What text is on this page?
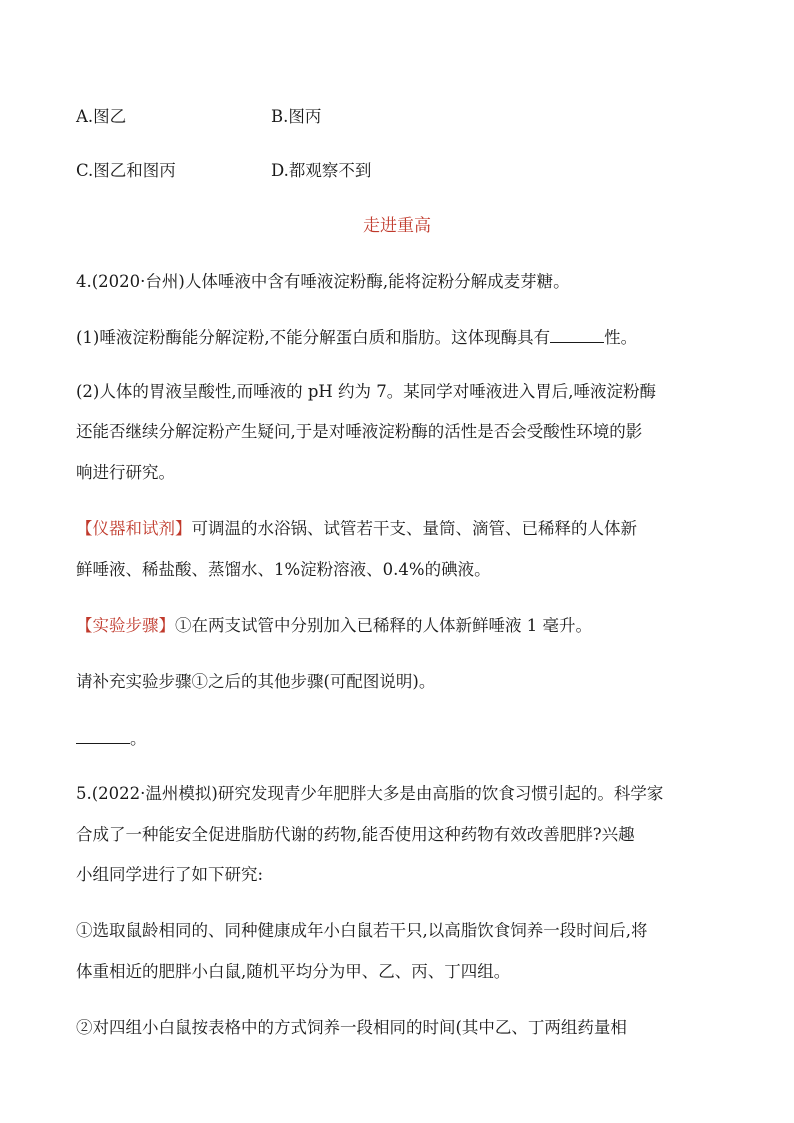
A.图乙	B.图丙
C.图乙和图丙	D.都观察不到
走进重高
4.(2020·台州)人体唾液中含有唾液淀粉酶,能将淀粉分解成麦芽糖。
(1)唾液淀粉酶能分解淀粉,不能分解蛋白质和脂肪。这体现酶具有	性。
(2)人体的胃液呈酸性,而唾液的 pH 约为 7。某同学对唾液进入胃后,唾液淀粉酶
还能否继续分解淀粉产生疑问,于是对唾液淀粉酶的活性是否会受酸性环境的影
响进行研究。
【仪器和试剂】可调温的水浴锅、试管若干支、量筒、滴管、已稀释的人体新
鲜唾液、稀盐酸、蒸馏水、1%淀粉溶液、0.4%的碘液。
【实验步骤】①在两支试管中分别加入已稀释的人体新鲜唾液 1 毫升。
请补充实验步骤①之后的其他步骤(可配图说明)。
。
5.(2022·温州模拟)研究发现青少年肥胖大多是由高脂的饮食习惯引起的。科学家
合成了一种能安全促进脂肪代谢的药物,能否使用这种药物有效改善肥胖?兴趣
小组同学进行了如下研究:
①选取鼠龄相同的、同种健康成年小白鼠若干只,以高脂饮食饲养一段时间后,将
体重相近的肥胖小白鼠,随机平均分为甲、乙、丙、丁四组。
②对四组小白鼠按表格中的方式饲养一段相同的时间(其中乙、丁两组药量相
